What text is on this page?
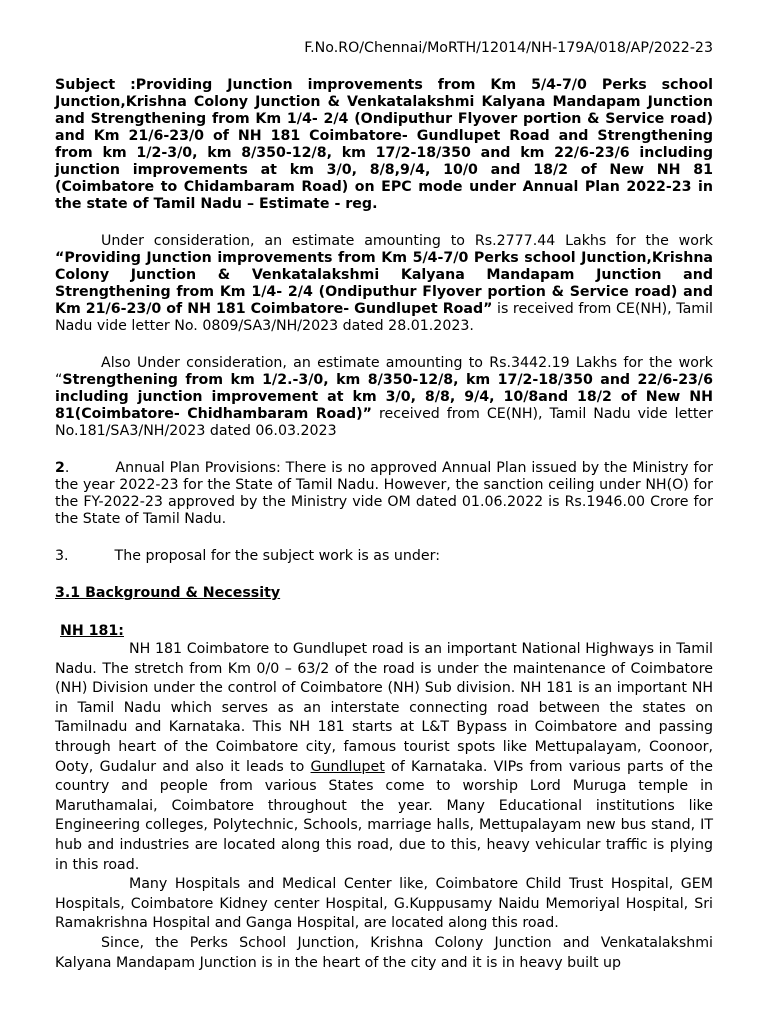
F.No.RO/Chennai/MoRTH/12014/NH-179A/018/AP/2022-23
Subject :Providing Junction improvements from Km 5/4-7/0 Perks school Junction,Krishna Colony Junction & Venkatalakshmi Kalyana Mandapam Junction and Strengthening from Km 1/4- 2/4 (Ondiputhur Flyover portion & Service road) and Km 21/6-23/0 of NH 181 Coimbatore- Gundlupet Road and Strengthening from km 1/2-3/0, km 8/350-12/8, km 17/2-18/350 and km 22/6-23/6 including junction improvements at km 3/0, 8/8,9/4, 10/0 and 18/2 of New NH 81 (Coimbatore to Chidambaram Road) on EPC mode under Annual Plan 2022-23 in the state of Tamil Nadu – Estimate - reg.

Under consideration, an estimate amounting to Rs.2777.44 Lakhs for the work “Providing Junction improvements from Km 5/4-7/0 Perks school Junction,Krishna Colony Junction & Venkatalakshmi Kalyana Mandapam Junction and Strengthening from Km 1/4- 2/4 (Ondiputhur Flyover portion & Service road) and Km 21/6-23/0 of NH 181 Coimbatore- Gundlupet Road” is received from CE(NH), Tamil Nadu vide letter No. 0809/SA3/NH/2023 dated 28.01.2023.

Also Under consideration, an estimate amounting to Rs.3442.19 Lakhs for the work “Strengthening from km 1/2.-3/0, km 8/350-12/8, km 17/2-18/350 and 22/6-23/6 including junction improvement at km 3/0, 8/8, 9/4, 10/8and 18/2 of New NH 81(Coimbatore- Chidhambaram Road)” received from CE(NH), Tamil Nadu vide letter No.181/SA3/NH/2023 dated 06.03.2023

2.	Annual Plan Provisions: There is no approved Annual Plan issued by the Ministry for the year 2022-23 for the State of Tamil Nadu. However, the sanction ceiling under NH(O) for the FY-2022-23 approved by the Ministry vide OM dated 01.06.2022 is Rs.1946.00 Crore for the State of Tamil Nadu.

3.	The proposal for the subject work is as under:

3.1 Background & Necessity
NH 181:

NH 181 Coimbatore to Gundlupet road is an important National Highways in Tamil Nadu. The stretch from Km 0/0 – 63/2 of the road is under the maintenance of Coimbatore (NH) Division under the control of Coimbatore (NH) Sub division. NH 181 is an important NH in Tamil Nadu which serves as an interstate connecting road between the states on Tamilnadu and Karnataka. This NH 181 starts at L&T Bypass in Coimbatore and passing through heart of the Coimbatore city, famous tourist spots like Mettupalayam, Coonoor, Ooty, Gudalur and also it leads to Gundlupet of Karnataka. VIPs from various parts of the country and people from various States come to worship Lord Muruga temple in Maruthamalai, Coimbatore throughout the year. Many Educational institutions like Engineering colleges, Polytechnic, Schools, marriage halls, Mettupalayam new bus stand, IT hub and industries are located along this road, due to this, heavy vehicular traffic is plying in this road.

Many Hospitals and Medical Center like, Coimbatore Child Trust Hospital, GEM Hospitals, Coimbatore Kidney center Hospital, G.Kuppusamy Naidu Memoriyal Hospital, Sri Ramakrishna Hospital and Ganga Hospital, are located along this road.

Since, the Perks School Junction, Krishna Colony Junction and Venkatalakshmi Kalyana Mandapam Junction is in the heart of the city and it is in heavy built up
